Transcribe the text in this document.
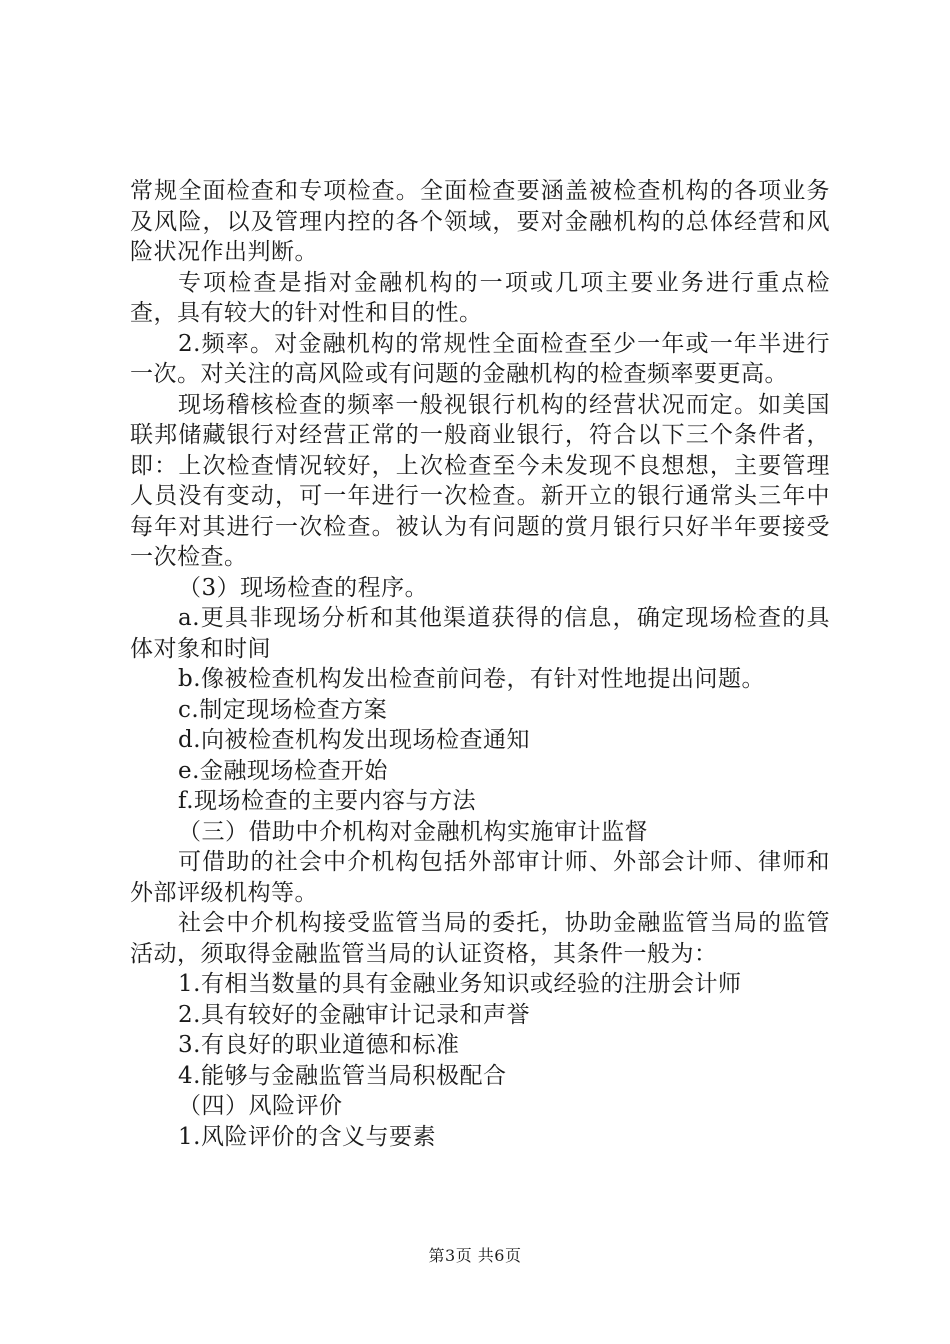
常规全面检查和专项检查。全面检查要涵盖被检查机构的各项业务及风险，以及管理内控的各个领域，要对金融机构的总体经营和风险状况作出判断。

专项检查是指对金融机构的一项或几项主要业务进行重点检查，具有较大的针对性和目的性。

2.频率。对金融机构的常规性全面检查至少一年或一年半进行一次。对关注的高风险或有问题的金融机构的检查频率要更高。

现场稽核检查的频率一般视银行机构的经营状况而定。如美国联邦储藏银行对经营正常的一般商业银行，符合以下三个条件者，即：上次检查情况较好，上次检查至今未发现不良想想，主要管理人员没有变动，可一年进行一次检查。新开立的银行通常头三年中每年对其进行一次检查。被认为有问题的赏月银行只好半年要接受一次检查。

（3）现场检查的程序。

a.更具非现场分析和其他渠道获得的信息，确定现场检查的具体对象和时间

b.像被检查机构发出检查前问卷，有针对性地提出问题。

c.制定现场检查方案

d.向被检查机构发出现场检查通知

e.金融现场检查开始

f.现场检查的主要内容与方法

（三）借助中介机构对金融机构实施审计监督

可借助的社会中介机构包括外部审计师、外部会计师、律师和外部评级机构等。

社会中介机构接受监管当局的委托，协助金融监管当局的监管活动，须取得金融监管当局的认证资格，其条件一般为：

1.有相当数量的具有金融业务知识或经验的注册会计师

2.具有较好的金融审计记录和声誉

3.有良好的职业道德和标准

4.能够与金融监管当局积极配合

（四）风险评价

1.风险评价的含义与要素

第3页 共6页
